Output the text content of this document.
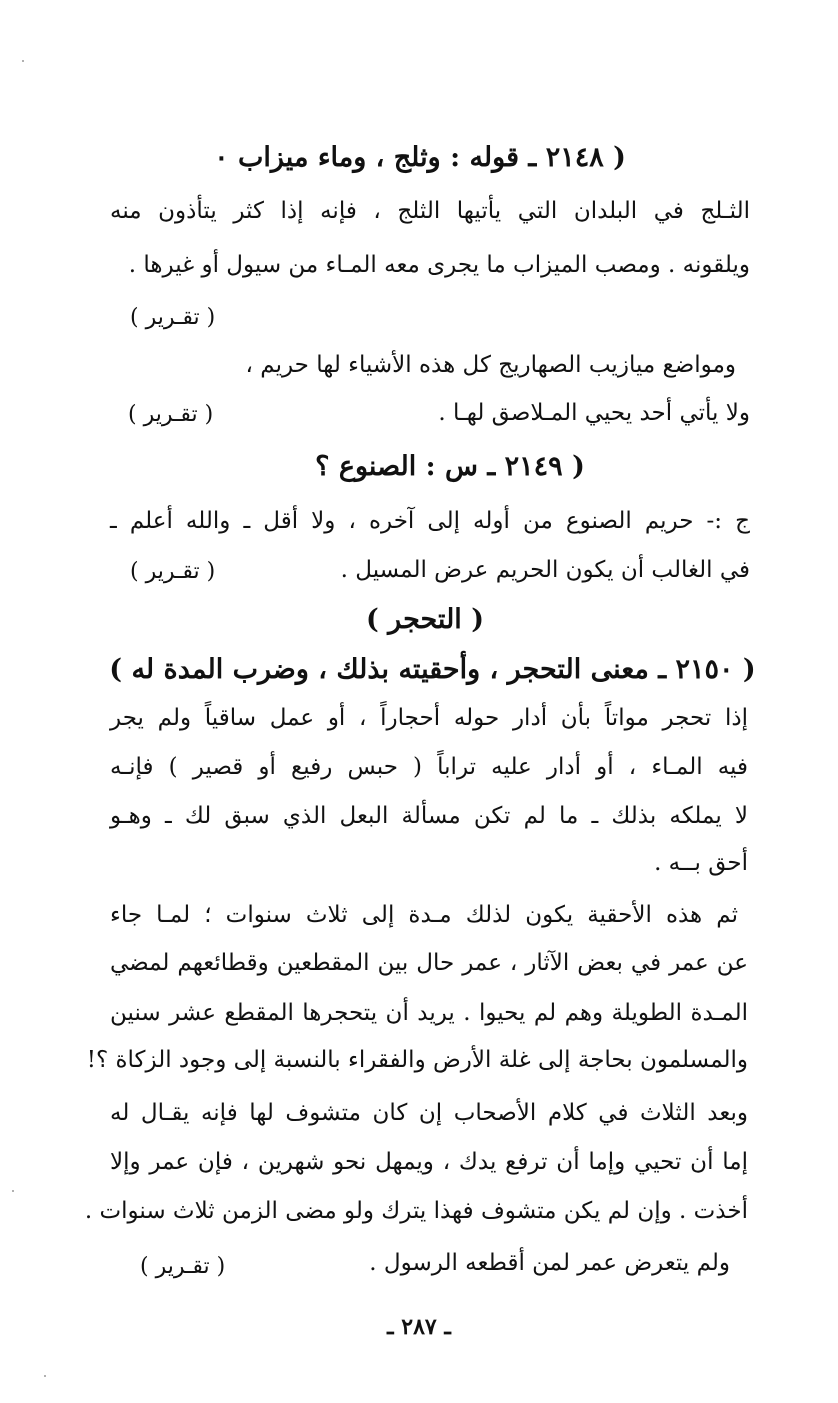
( ٢١٤٨ ـ قوله : وثلج ، وماء ميزاب ٠
الثـلج في البلدان التي يأتيها الثلج ، فإنه إذا كثر يتأذون منه
ويلقونه . ومصب الميزاب ما يجرى معه المـاء من سيول أو غيرها .
( تقـرير )
ومواضع ميازيب الصهاريج كل هذه الأشياء لها حريم ،
ولا يأتي أحد يحيي المـلاصق لهـا .
( تقـرير )
( ٢١٤٩ ـ س : الصنوع ؟
ج :- حريم الصنوع من أوله إلى آخره ، ولا أقل ـ والله أعلم ـ
في الغالب أن يكون الحريم عرض المسيل .
( تقـرير )
( التحجر )
( ٢١٥٠ ـ معنى التحجر ، وأحقيته بذلك ، وضرب المدة له )
إذا تحجر مواتاً بأن أدار حوله أحجاراً ، أو عمل ساقياً ولم يجر
فيه المـاء ، أو أدار عليه تراباً ( حبس رفيع أو قصير ) فإنـه
لا يملكه بذلك ـ ما لم تكن مسألة البعل الذي سبق لك ـ وهـو
أحق بــه .
ثم هذه الأحقية يكون لذلك مـدة إلى ثلاث سنوات ؛ لمـا جاء
عن عمر في بعض الآثار ، عمر حال بين المقطعين وقطائعهم لمضي
المـدة الطويلة وهم لم يحيوا . يريد أن يتحجرها المقطع عشر سنين
والمسلمون بحاجة إلى غلة الأرض والفقراء بالنسبة إلى وجود الزكاة ؟!
وبعد الثلاث في كلام الأصحاب إن كان متشوف لها فإنه يقـال له
إما أن تحيي وإما أن ترفع يدك ، ويمهل نحو شهرين ، فإن عمر وإلا
أخذت . وإن لم يكن متشوف فهذا يترك ولو مضى الزمن ثلاث سنوات .
ولم يتعرض عمر لمن أقطعه الرسول .
( تقـرير )
ـ ٢٨٧ ـ
